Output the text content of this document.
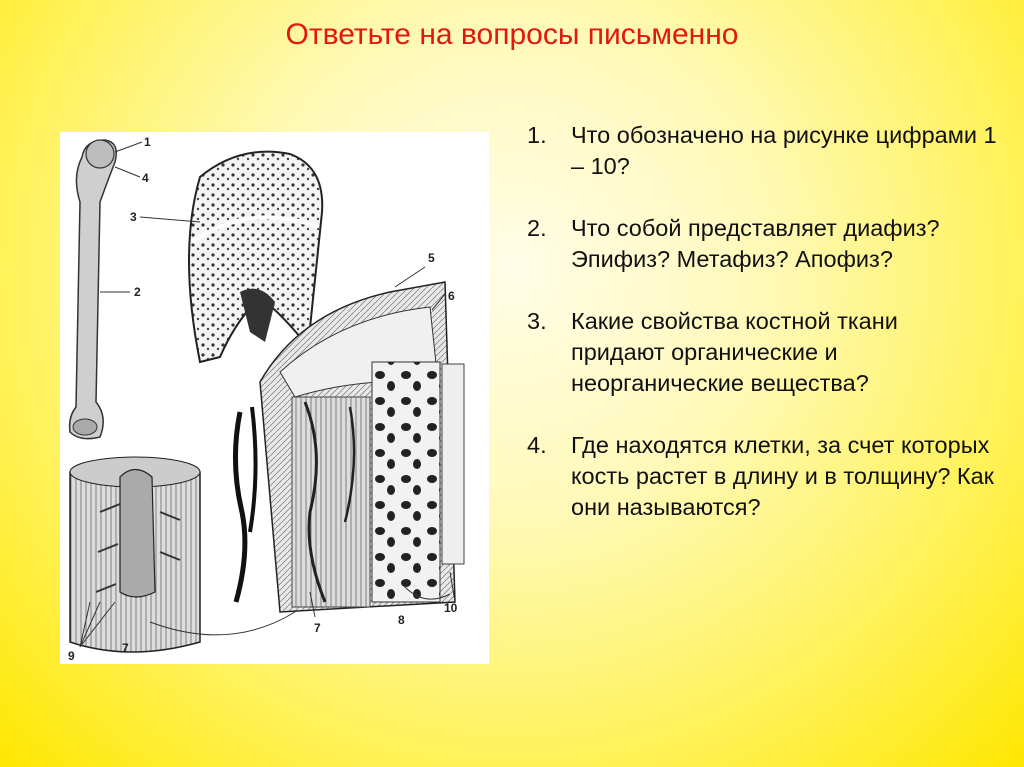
Ответьте на вопросы письменно
1
2
3
4
5
6
7
7
8
9
10
1. Что обозначено на рисунке цифрами 1 – 10?
2. Что собой представляет диафиз? Эпифиз? Метафиз? Апофиз?
3. Какие свойства костной ткани придают органические и неорганические вещества?
4. Где находятся клетки, за счет которых кость растет в длину и в толщину? Как они называются?
